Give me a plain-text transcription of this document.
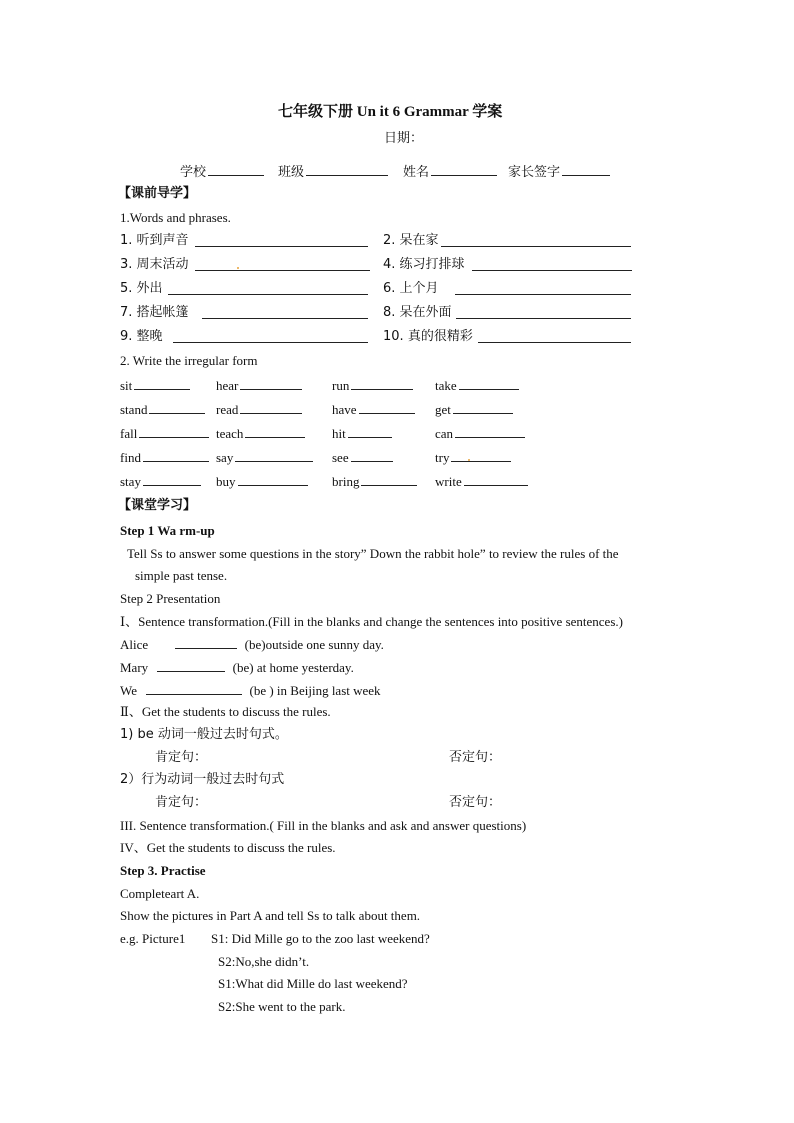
七年级下册 Un it 6 Grammar 学案
日期：
学校	班级	姓名	家长签字
【课前导学】
1.Words and phrases.
1. 听到声音	2. 呆在家
3. 周末活动	4. 练习打排球
5. 外出	6. 上个月
7. 搭起帐篷	8. 呆在外面
9. 整晚	10. 真的很精彩
2. Write the irregular form
sit	hear	run	take
stand	read	have	get
fall	teach	hit	can
find	say	see	try
stay	buy	bring	write
【课堂学习】
Step 1 Wa rm-up
Tell Ss to answer some questions in the story” Down the rabbit hole” to review the rules of the
simple past tense.
Step 2 Presentation
Ⅰ、Sentence transformation.(Fill in the blanks and change the sentences into positive sentences.)
Alice	(be)outside one sunny day.
Mary	(be) at home yesterday.
We	(be ) in Beijing last week
Ⅱ、Get the students to discuss the rules.
1) be 动词一般过去时句式。
肯定句：	否定句：
2）行为动词一般过去时句式
肯定句：	否定句：
III. Sentence transformation.( Fill in the blanks and ask and answer questions)
IV、Get the students to discuss the rules.
Step 3. Practise
Completeart A.
Show the pictures in Part A and tell Ss to talk about them.
e.g. Picture1 S1: Did Mille go to the zoo last weekend?
S2:No,she didn’t.
S1:What did Mille do last weekend?
S2:She went to the park.
